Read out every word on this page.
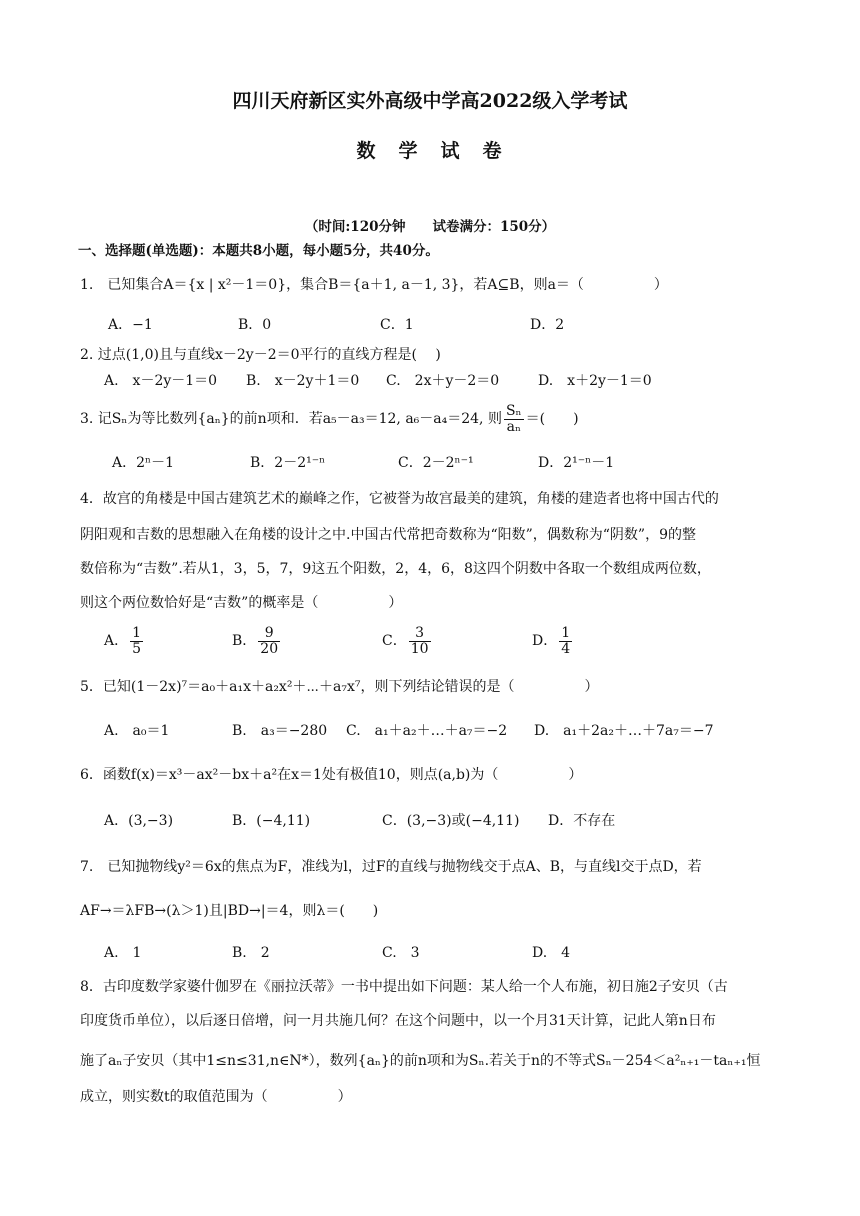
四川天府新区实外高级中学高2022级入学考试
数　学　试　卷
（时间:120分钟　　试卷满分：150分）
一、选择题(单选题)：本题共8小题，每小题5分，共40分。
1.　已知集合A＝{x | x²－1＝0}，集合B＝{a＋1, a－1, 3}，若A⊆B，则a＝（　　　　　）
A．−1	B．0	C．1	D．2
2. 过点(1,0)且与直线x－2y－2＝0平行的直线方程是(　 )
A.　x－2y－1＝0 B.　x－2y＋1＝0 C.　2x＋y－2＝0	D.　x＋2y－1＝0
3. 记Sₙ为等比数列{aₙ}的前n项和．若a₅－a₃＝12, a₆－a₄＝24, 则 $\frac{\text{Sₙ}}{\text{aₙ}}$ ＝(　　)
A．2ⁿ－1	B．2－2¹⁻ⁿ	C．2－2ⁿ⁻¹	D．2¹⁻ⁿ－1
4．故宫的角楼是中国古建筑艺术的巅峰之作，它被誉为故宫最美的建筑，角楼的建造者也将中国古代的
阴阳观和吉数的思想融入在角楼的设计之中.中国古代常把奇数称为“阳数”，偶数称为“阴数”，9的整
数倍称为“吉数”.若从1，3，5，7，9这五个阳数，2，4，6，8这四个阴数中各取一个数组成两位数，
则这个两位数恰好是“吉数”的概率是（　　　　　）
A． $\frac{1}{5}$	B． $\frac{9}{20}$	C． $\frac{3}{10}$	D． $\frac{1}{4}$
5．已知(1－2x)⁷＝a₀＋a₁x＋a₂x²＋⋯＋a₇x⁷，则下列结论错误的是（　　　　　）
A.　a₀＝1	B.　a₃＝−280 C.　a₁＋a₂＋…＋a₇＝−2 D.　a₁＋2a₂＋…＋7a₇＝−7
6．函数f(x)＝x³－ax²－bx＋a²在x＝1处有极值10，则点(a,b)为（　　　　　）
A．(3,−3)	B．(−4,11)	C．(3,−3)或(−4,11) D．不存在
7.　已知抛物线y²＝6x的焦点为F，准线为l，过F的直线与抛物线交于点A、B，与直线l交于点D，若
AF→＝λFB→(λ＞1)且|BD→|＝4，则λ＝(　　)
A.　1	B.　2	C.　3	D.　4
8．古印度数学家婆什伽罗在《丽拉沃蒂》一书中提出如下问题：某人给一个人布施，初日施2子安贝（古
印度货币单位），以后逐日倍增，问一月共施几何？在这个问题中，以一个月31天计算，记此人第n日布
施了aₙ子安贝（其中1≤n≤31,n∈N*），数列{aₙ}的前n项和为Sₙ.若关于n的不等式Sₙ－254＜a²ₙ₊₁－taₙ₊₁恒
成立，则实数t的取值范围为（　　　　　）
